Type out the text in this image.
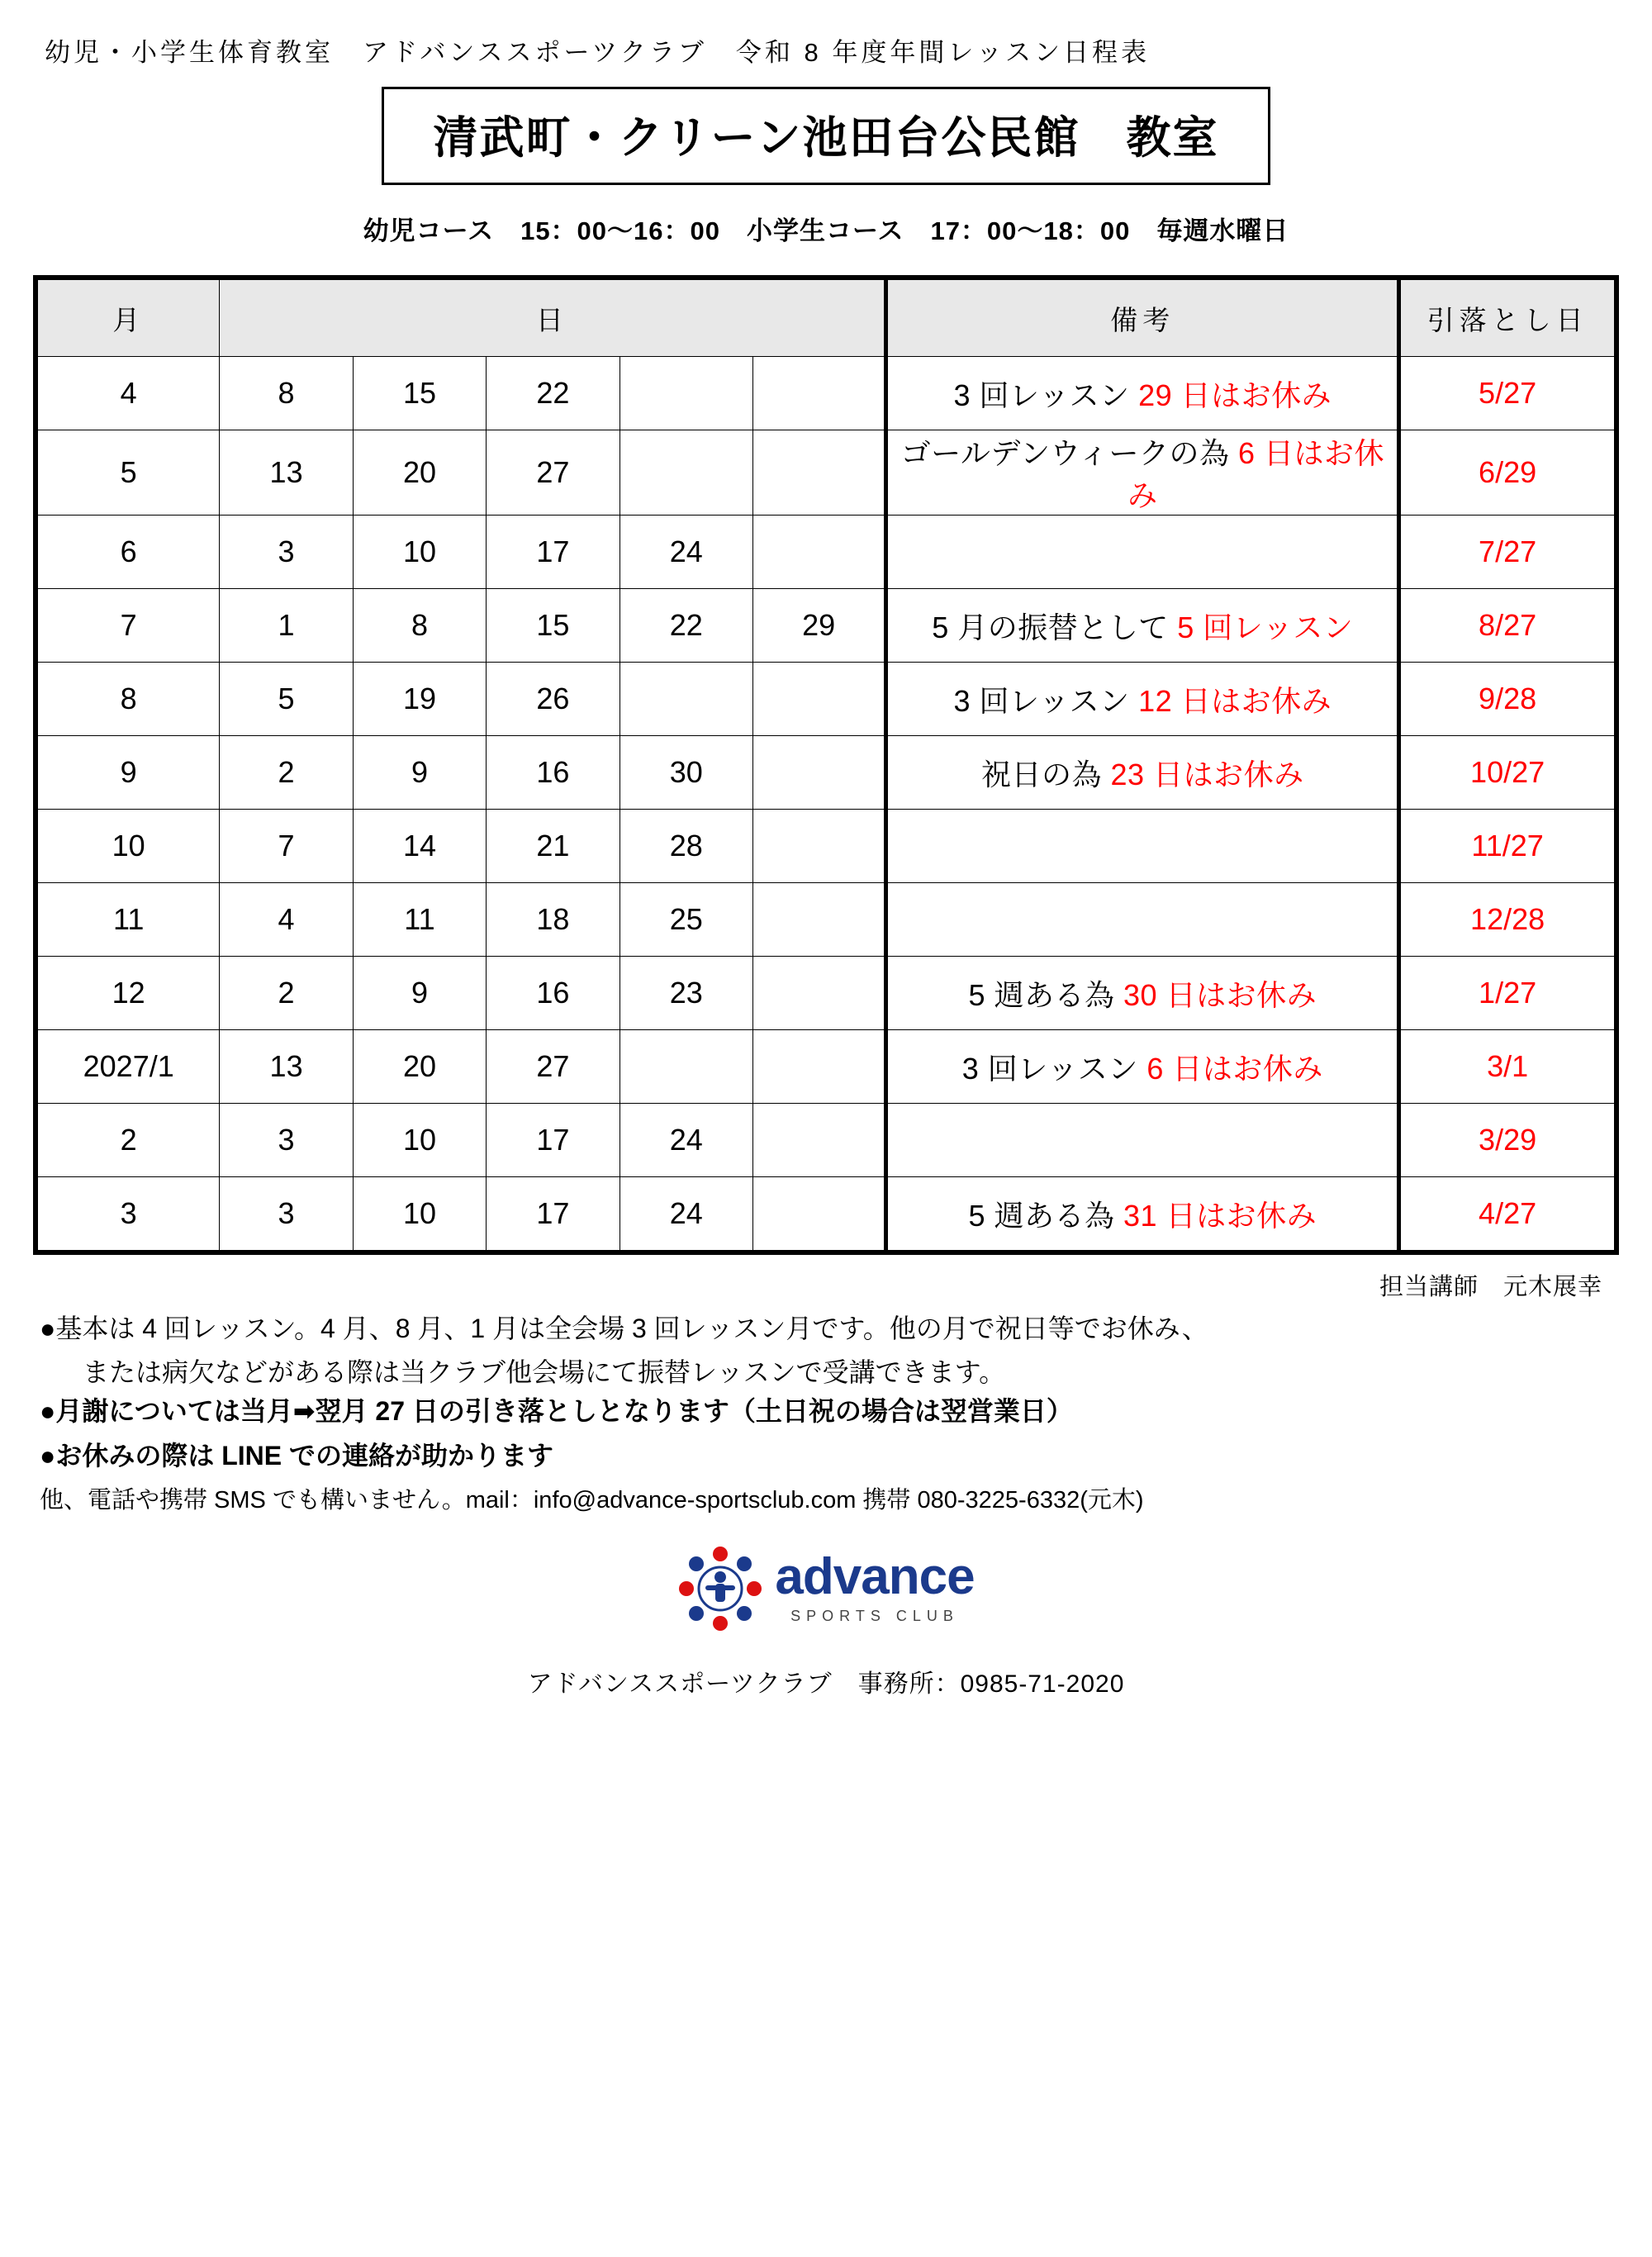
幼児・小学生体育教室　アドバンススポーツクラブ　令和 8 年度年間レッスン日程表
清武町・クリーン池田台公民館　教室
幼児コース　15：00〜16：00　小学生コース　17：00〜18：00　毎週水曜日
月	日					備考	引落とし日
4	8	15	22			3 回レッスン 29 日はお休み	5/27
5	13	20	27			ゴールデンウィークの為 6 日はお休み	6/29
6	3	10	17	24			7/27
7	1	8	15	22	29	5 月の振替として 5 回レッスン	8/27
8	5	19	26			3 回レッスン 12 日はお休み	9/28
9	2	9	16	30		祝日の為 23 日はお休み	10/27
10	7	14	21	28			11/27
11	4	11	18	25			12/28
12	2	9	16	23		5 週ある為 30 日はお休み	1/27
2027/1	13	20	27			3 回レッスン 6 日はお休み	3/1
2	3	10	17	24			3/29
3	3	10	17	24		5 週ある為 31 日はお休み	4/27
担当講師　元木展幸
●基本は 4 回レッスン。4 月、8 月、1 月は全会場 3 回レッスン月です。他の月で祝日等でお休み、
または病欠などがある際は当クラブ他会場にて振替レッスンで受講できます。
●月謝については当月➡翌月 27 日の引き落としとなります（土日祝の場合は翌営業日）
●お休みの際は LINE での連絡が助かります
他、電話や携帯 SMS でも構いません。mail：info@advance-sportsclub.com 携帯 080-3225-6332(元木)
advance
SPORTS CLUB
アドバンススポーツクラブ　事務所：0985-71-2020
